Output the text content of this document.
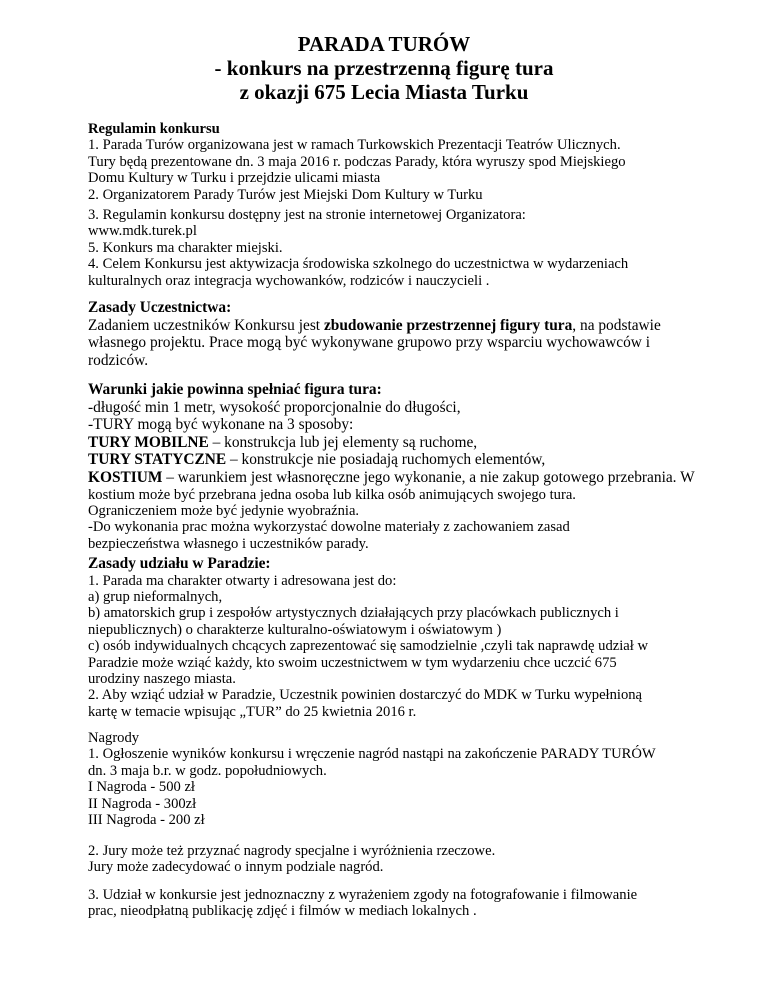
PARADA TURÓW
- konkurs na przestrzenną figurę tura
z okazji 675 Lecia Miasta Turku

Regulamin konkursu

1. Parada Turów organizowana jest w ramach Turkowskich Prezentacji Teatrów Ulicznych.

Tury będą prezentowane dn. 3 maja 2016 r. podczas Parady, która wyruszy spod Miejskiego

Domu Kultury w Turku i przejdzie ulicami miasta

2. Organizatorem Parady Turów jest Miejski Dom Kultury w Turku

3. Regulamin konkursu dostępny jest na stronie internetowej Organizatora:

www.mdk.turek.pl

5. Konkurs ma charakter miejski.

4. Celem Konkursu jest aktywizacja środowiska szkolnego do uczestnictwa w wydarzeniach

kulturalnych oraz integracja wychowanków, rodziców i nauczycieli .

Zasady Uczestnictwa:

Zadaniem uczestników Konkursu jest zbudowanie przestrzennej figury tura, na podstawie

własnego projektu. Prace mogą być wykonywane grupowo przy wsparciu wychowawców i

rodziców.

Warunki jakie powinna spełniać figura tura:

-długość min 1 metr, wysokość proporcjonalnie do długości,

-TURY mogą być wykonane na 3 sposoby:

TURY MOBILNE – konstrukcja lub jej elementy są ruchome,

TURY STATYCZNE – konstrukcje nie posiadają ruchomych elementów,

KOSTIUM – warunkiem jest własnoręczne jego wykonanie, a nie zakup gotowego przebrania. W

kostium może być przebrana jedna osoba lub kilka osób animujących swojego tura.

Ograniczeniem może być jedynie wyobraźnia.

-Do wykonania prac można wykorzystać dowolne materiały z zachowaniem zasad

bezpieczeństwa własnego i uczestników parady.

Zasady udziału w Paradzie:

1. Parada ma charakter otwarty i adresowana jest do:

a) grup nieformalnych,

b) amatorskich grup i zespołów artystycznych działających przy placówkach publicznych i

niepublicznych) o charakterze kulturalno-oświatowym i oświatowym )

c) osób indywidualnych chcących zaprezentować się samodzielnie ,czyli tak naprawdę udział w

Paradzie może wziąć każdy, kto swoim uczestnictwem w tym wydarzeniu chce uczcić 675

urodziny naszego miasta.

2. Aby wziąć udział w Paradzie, Uczestnik powinien dostarczyć do MDK w Turku wypełnioną

kartę w temacie wpisując „TUR” do 25 kwietnia 2016 r.

Nagrody

1. Ogłoszenie wyników konkursu i wręczenie nagród nastąpi na zakończenie PARADY TURÓW

dn. 3 maja b.r. w godz. popołudniowych.

I Nagroda - 500 zł

II Nagroda - 300zł

III Nagroda - 200 zł

2. Jury może też przyznać nagrody specjalne i wyróżnienia rzeczowe.

Jury może zadecydować o innym podziale nagród.

3. Udział w konkursie jest jednoznaczny z wyrażeniem zgody na fotografowanie i filmowanie

prac, nieodpłatną publikację zdjęć i filmów w mediach lokalnych .
